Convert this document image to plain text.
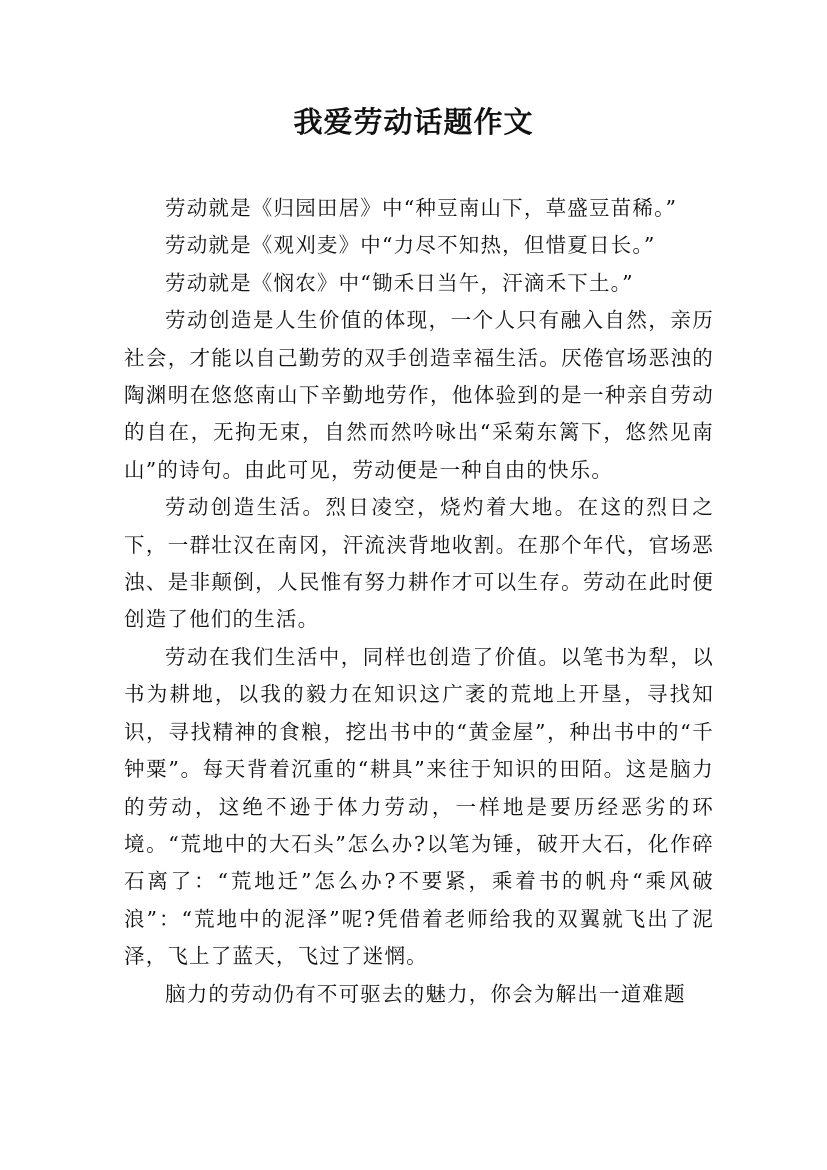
我爱劳动话题作文

劳动就是《归园田居》中“种豆南山下，草盛豆苗稀。”

劳动就是《观刈麦》中“力尽不知热，但惜夏日长。”

劳动就是《悯农》中“锄禾日当午，汗滴禾下土。”

劳动创造是人生价值的体现，一个人只有融入自然，亲历社会，才能以自己勤劳的双手创造幸福生活。厌倦官场恶浊的陶渊明在悠悠南山下辛勤地劳作，他体验到的是一种亲自劳动的自在，无拘无束，自然而然吟咏出“采菊东篱下，悠然见南山”的诗句。由此可见，劳动便是一种自由的快乐。

劳动创造生活。烈日凌空，烧灼着大地。在这的烈日之下，一群壮汉在南冈，汗流浃背地收割。在那个年代，官场恶浊、是非颠倒，人民惟有努力耕作才可以生存。劳动在此时便创造了他们的生活。

劳动在我们生活中，同样也创造了价值。以笔书为犁，以书为耕地，以我的毅力在知识这广袤的荒地上开垦，寻找知识，寻找精神的食粮，挖出书中的“黄金屋”，种出书中的“千钟粟”。每天背着沉重的“耕具”来往于知识的田陌。这是脑力的劳动，这绝不逊于体力劳动，一样地是要历经恶劣的环境。“荒地中的大石头”怎么办?以笔为锤，破开大石，化作碎石离了：“荒地迁”怎么办?不要紧，乘着书的帆舟“乘风破浪”：“荒地中的泥泽”呢?凭借着老师给我的双翼就飞出了泥泽，飞上了蓝天，飞过了迷惘。

脑力的劳动仍有不可驱去的魅力，你会为解出一道难题
